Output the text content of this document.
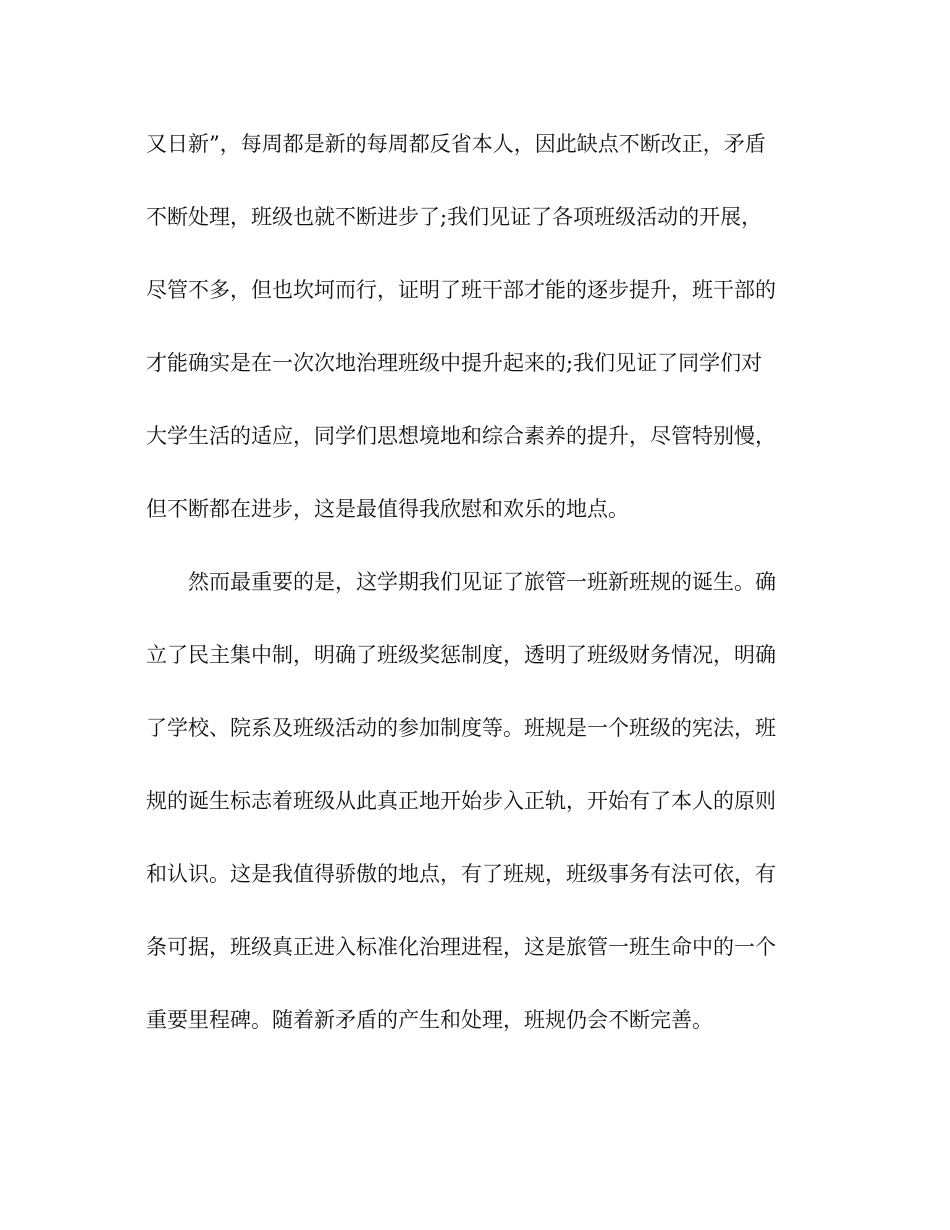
又日新”，每周都是新的每周都反省本人，因此缺点不断改正，矛盾
不断处理，班级也就不断进步了;我们见证了各项班级活动的开展，
尽管不多，但也坎坷而行，证明了班干部才能的逐步提升，班干部的
才能确实是在一次次地治理班级中提升起来的;我们见证了同学们对
大学生活的适应，同学们思想境地和综合素养的提升，尽管特别慢，
但不断都在进步，这是最值得我欣慰和欢乐的地点。
　　然而最重要的是，这学期我们见证了旅管一班新班规的诞生。确
立了民主集中制，明确了班级奖惩制度，透明了班级财务情况，明确
了学校、院系及班级活动的参加制度等。班规是一个班级的宪法，班
规的诞生标志着班级从此真正地开始步入正轨，开始有了本人的原则
和认识。这是我值得骄傲的地点，有了班规，班级事务有法可依，有
条可据，班级真正进入标准化治理进程，这是旅管一班生命中的一个
重要里程碑。随着新矛盾的产生和处理，班规仍会不断完善。
